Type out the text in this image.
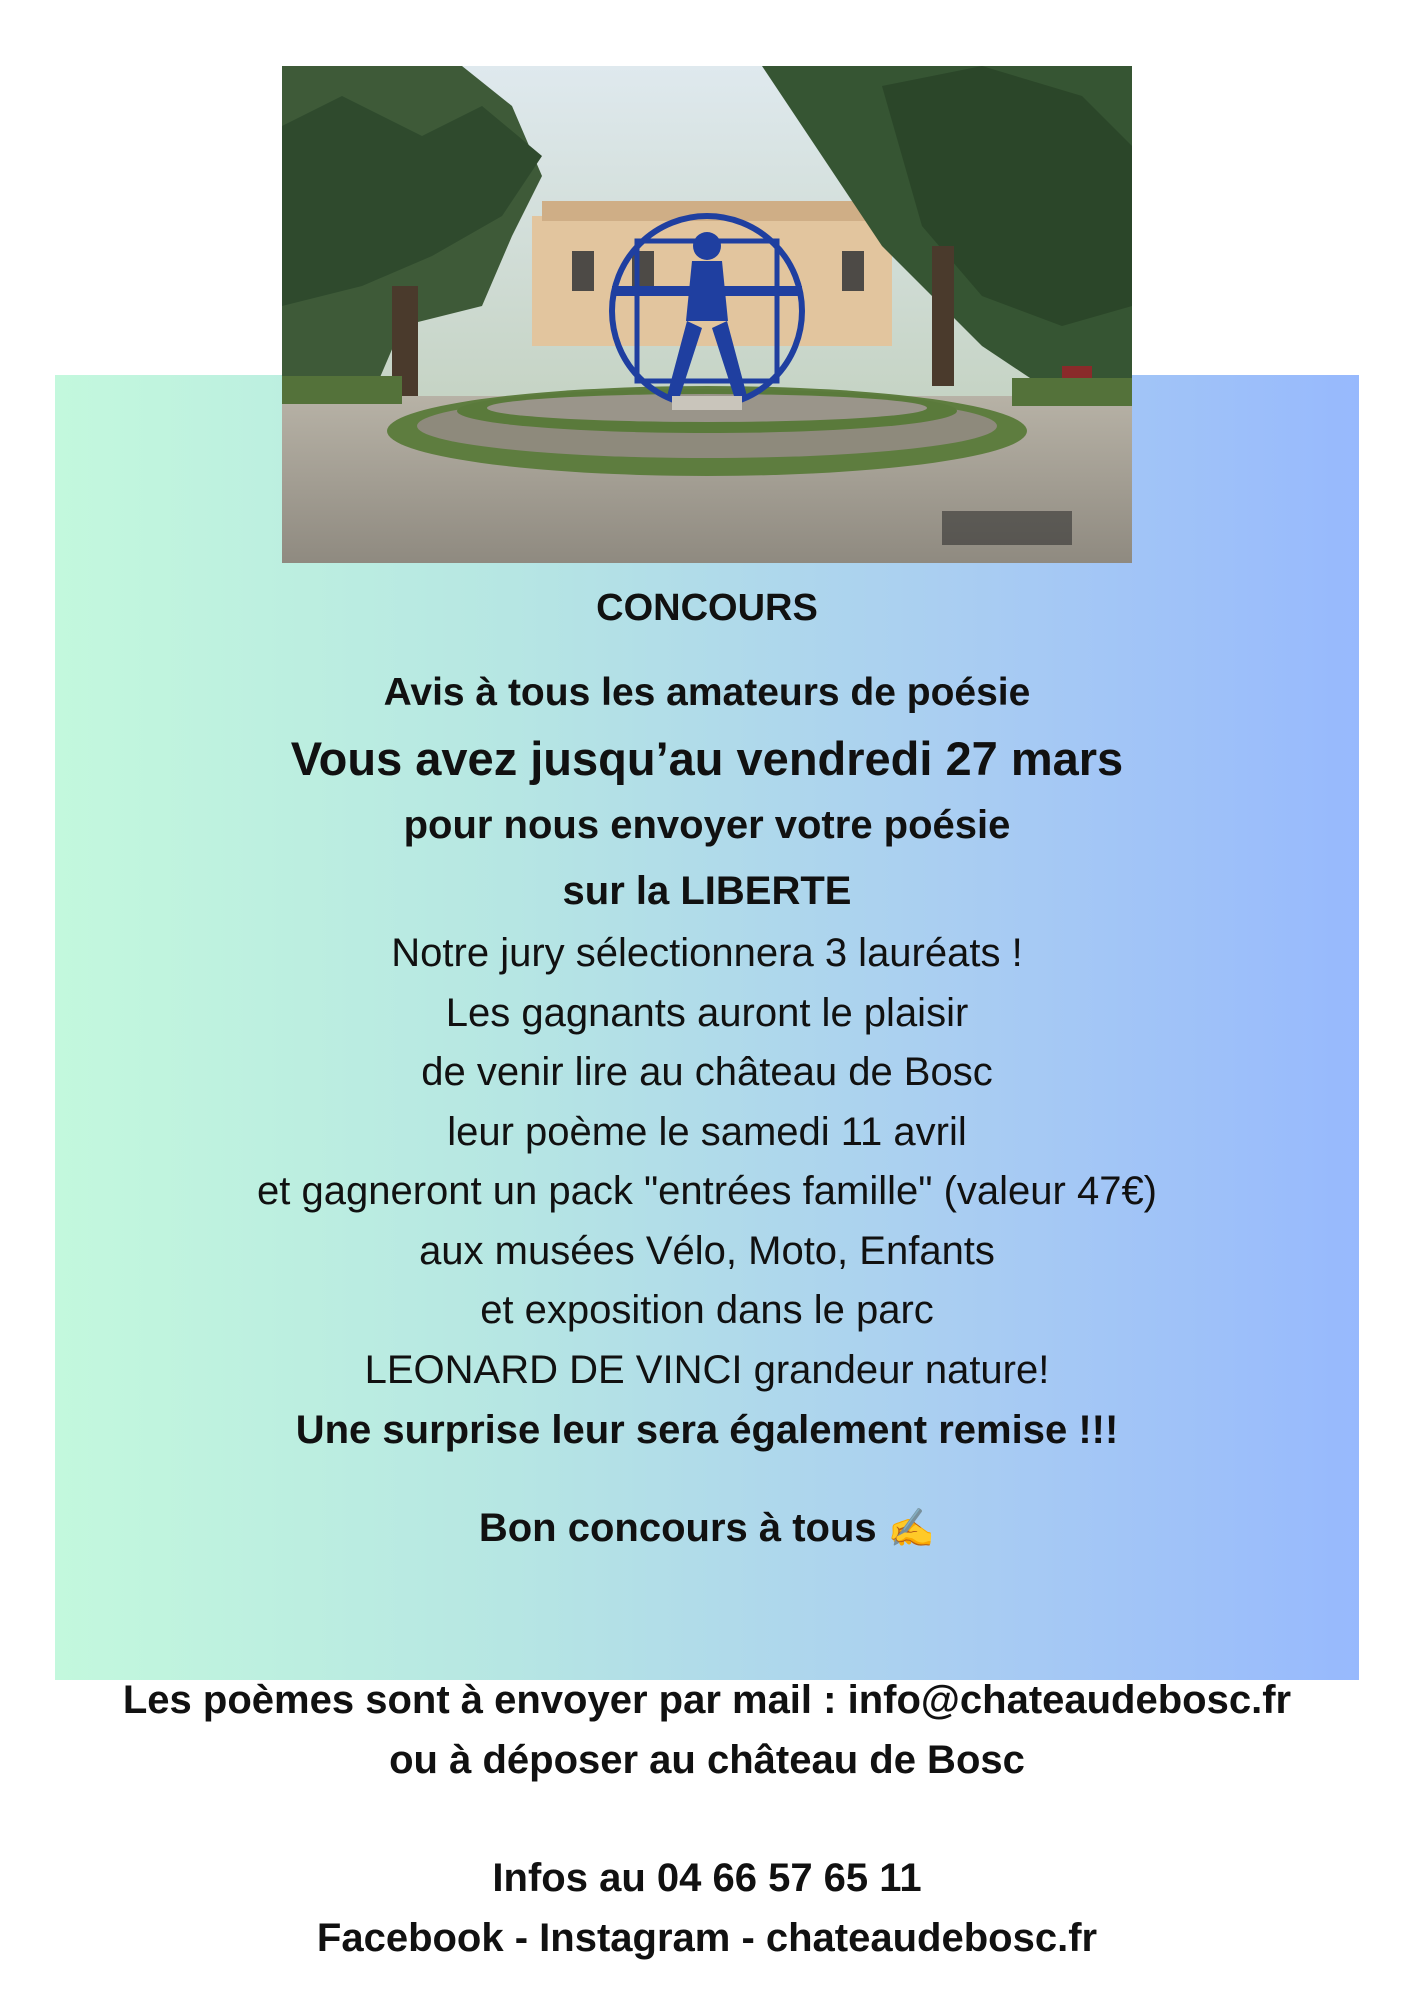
CONCOURS
Avis à tous les amateurs de poésie
Vous avez jusqu’au vendredi 27 mars
pour nous envoyer votre poésie
sur la LIBERTE
Notre jury sélectionnera 3 lauréats !
Les gagnants auront le plaisir
de venir lire au château de Bosc
leur poème le samedi 11 avril
et gagneront un pack "entrées famille" (valeur 47€)
aux musées Vélo, Moto, Enfants
et exposition dans le parc
LEONARD DE VINCI grandeur nature!
Une surprise leur sera également remise !!!
Bon concours à tous ✍️
Les poèmes sont à envoyer par mail : info@chateaudebosc.fr
ou à déposer au château de Bosc
Infos au 04 66 57 65 11
Facebook - Instagram - chateaudebosc.fr
